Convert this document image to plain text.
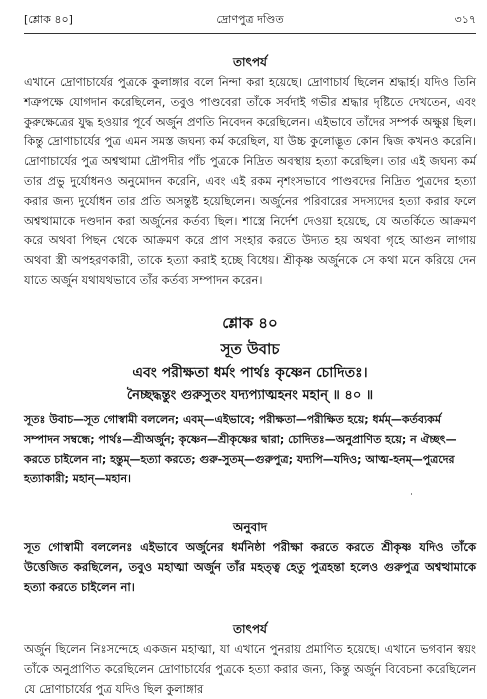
[শ্লোক ৪০]	দ্রোণপুত্র দণ্ডিত	৩১৭
তাৎপর্য

এখানে দ্রোণাচার্যের পুত্রকে কুলাঙ্গার বলে নিন্দা করা হয়েছে। দ্রোণাচার্য ছিলেন শ্রদ্ধার্হ। যদিও তিনি শত্রুপক্ষে যোগদান করেছিলেন, তবুও পাণ্ডবেরা তাঁকে সর্বদাই গভীর শ্রদ্ধার দৃষ্টিতে দেখতেন, এবং কুরুক্ষেত্রের যুদ্ধ হওয়ার পূর্বে অর্জুন প্রণতি নিবেদন করেছিলেন। এইভাবে তাঁদের সম্পর্ক অক্ষুণ্ণ ছিল। কিন্তু দ্রোণাচার্যের পুত্র এমন সমস্ত জঘন্য কর্ম করেছিল, যা উচ্চ কুলোদ্ভূত কোন দ্বিজ কখনও করেনি। দ্রোণাচার্যের পুত্র অশ্বত্থামা দ্রৌপদীর পাঁচ পুত্রকে নিদ্রিত অবস্থায় হত্যা করেছিল। তার এই জঘন্য কর্ম তার প্রভু দুর্যোধনও অনুমোদন করেনি, এবং এই রকম নৃশংসভাবে পাণ্ডবদের নিদ্রিত পুত্রদের হত্যা করার জন্য দুর্যোধন তার প্রতি অসন্তুষ্ট হয়েছিলেন। অর্জুনের পরিবারের সদস্যদের হত্যা করার ফলে অশ্বত্থামাকে দণ্ডদান করা অর্জুনের কর্তব্য ছিল। শাস্ত্রে নির্দেশ দেওয়া হয়েছে, যে অতর্কিতে আক্রমণ করে অথবা পিছন থেকে আক্রমণ করে প্রাণ সংহার করতে উদ্যত হয় অথবা গৃহে আগুন লাগায় অথবা স্ত্রী অপহরণকারী, তাকে হত্যা করাই হচ্ছে বিধেয়। শ্রীকৃষ্ণ অর্জুনকে সে কথা মনে করিয়ে দেন যাতে অর্জুন যথাযথভাবে তাঁর কর্তব্য সম্পাদন করেন।

শ্লোক ৪০
সূত উবাচ
এবং পরীক্ষতা ধর্মং পার্থঃ কৃষ্ণেন চোদিতঃ।
নৈচ্ছদ্ধন্তুং গুরুসুতং যদ্যপ্যাত্মহনং মহান্ ॥ ৪০ ॥

সূতঃ উবাচ—সূত গোস্বামী বললেন; এবম্—এইভাবে; পরীক্ষতা—পরীক্ষিত হয়ে; ধর্মম্—কর্তব্যকর্ম সম্পাদন সম্বন্ধে; পার্থঃ—শ্রীঅর্জুন; কৃষ্ণেন—শ্রীকৃষ্ণের দ্বারা; চোদিতঃ—অনুপ্রাণিত হয়ে; ন ঐচ্ছৎ—করতে চাইলেন না; হন্তুম্—হত্যা করতে; গুরু-সুতম্—গুরুপুত্র; যদ্যপি—যদিও; আত্ম-হনম্—পুত্রদের হত্যাকারী; মহান্—মহান।

˙
অনুবাদ

সূত গোস্বামী বললেনঃ এইভাবে অর্জুনের ধর্মনিষ্ঠা পরীক্ষা করতে করতে শ্রীকৃষ্ণ যদিও তাঁকে উত্তেজিত করছিলেন, তবুও মহাত্মা অর্জুন তাঁর মহত্ত্ব হেতু পুত্রহন্তা হলেও গুরুপুত্র অশ্বত্থামাকে হত্যা করতে চাইলেন না।

তাৎপর্য

অর্জুন ছিলেন নিঃসন্দেহে একজন মহাত্মা, যা এখানে পুনরায় প্রমাণিত হয়েছে। এখানে ভগবান স্বয়ং তাঁকে অনুপ্রাণিত করেছিলেন দ্রোণাচার্যের পুত্রকে হত্যা করার জন্য, কিন্তু অর্জুন বিবেচনা করেছিলেন যে দ্রোণাচার্যের পুত্র যদিও ছিল কুলাঙ্গার
